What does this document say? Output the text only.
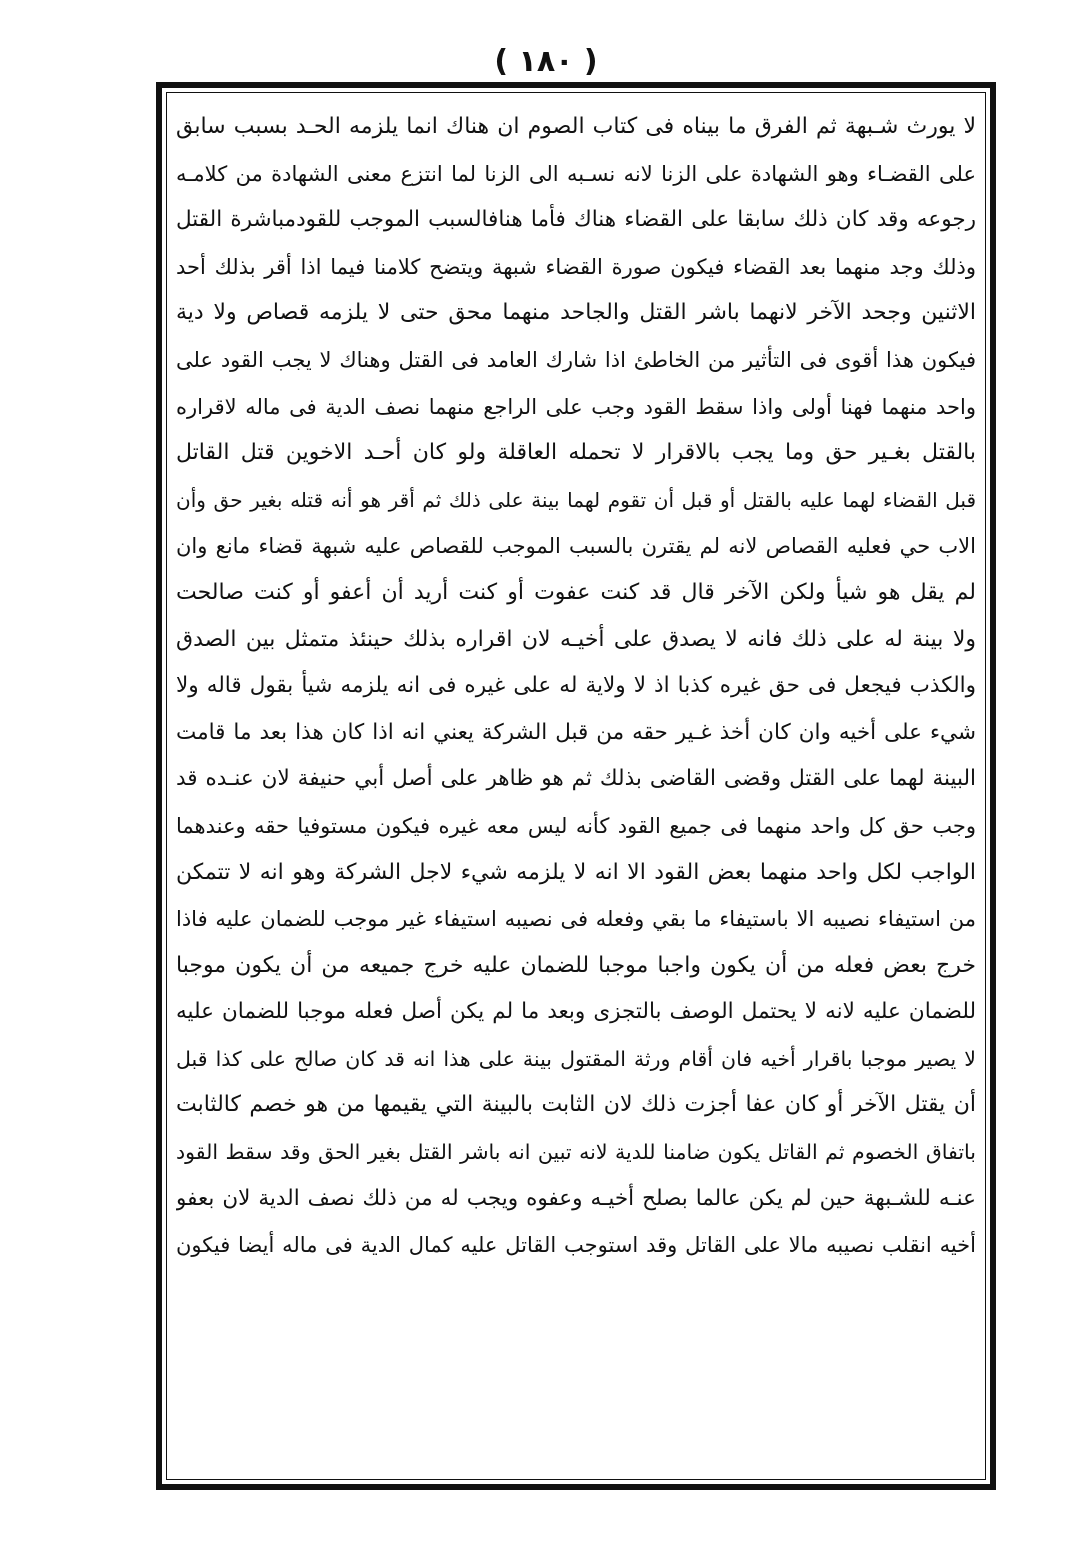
( ١٨٠ )
لا يورث شـبهة ثم الفرق ما بيناه فى كتاب الصوم ان هناك انما يلزمه الحـد بسبب سابق
على القضـاء وهو الشهادة على الزنا لانه نسـبه الى الزنا لما انتزع معنى الشهادة من كلامـه
رجوعه وقد كان ذلك سابقا على القضاء هناك فأما هنافالسبب الموجب للقودمباشرة القتل
وذلك وجد منهما بعد القضاء فيكون صورة القضاء شبهة ويتضح كلامنا فيما اذا أقر بذلك أحد
الاثنين وجحد الآخر لانهما باشر القتل والجاحد منهما محق حتى لا يلزمه قصاص ولا دية
فيكون هذا أقوى فى التأثير من الخاطئ اذا شارك العامد فى القتل وهناك لا يجب القود على
واحد منهما فهنا أولى واذا سقط القود وجب على الراجع منهما نصف الدية فى ماله لاقراره
بالقتل بغـير حق وما يجب بالاقرار لا تحمله العاقلة ولو كان أحـد الاخوين قتل القاتل
قبل القضاء لهما عليه بالقتل أو قبل أن تقوم لهما بينة على ذلك ثم أقر هو أنه قتله بغير حق وأن
الاب حي فعليه القصاص لانه لم يقترن بالسبب الموجب للقصاص عليه شبهة قضاء مانع وان
لم يقل هو شيأ ولكن الآخر قال قد كنت عفوت أو كنت أريد أن أعفو أو كنت صالحت
ولا بينة له على ذلك فانه لا يصدق على أخيـه لان اقراره بذلك حينئذ متمثل بين الصدق
والكذب فيجعل فى حق غيره كذبا اذ لا ولاية له على غيره فى انه يلزمه شيأ بقول قاله ولا
شيء على أخيه وان كان أخذ غـير حقه من قبل الشركة يعني انه اذا كان هذا بعد ما قامت
البينة لهما على القتل وقضى القاضى بذلك ثم هو ظاهر على أصل أبي حنيفة لان عنـده قد
وجب حق كل واحد منهما فى جميع القود كأنه ليس معه غيره فيكون مستوفيا حقه وعندهما
الواجب لكل واحد منهما بعض القود الا انه لا يلزمه شيء لاجل الشركة وهو انه لا تتمكن
من استيفاء نصيبه الا باستيفاء ما بقي وفعله فى نصيبه استيفاء غير موجب للضمان عليه فاذا
خرج بعض فعله من أن يكون واجبا موجبا للضمان عليه خرج جميعه من أن يكون موجبا
للضمان عليه لانه لا يحتمل الوصف بالتجزى وبعد ما لم يكن أصل فعله موجبا للضمان عليه
لا يصير موجبا باقرار أخيه فان أقام ورثة المقتول بينة على هذا انه قد كان صالح على كذا قبل
أن يقتل الآخر أو كان عفا أجزت ذلك لان الثابت بالبينة التي يقيمها من هو خصم كالثابت
باتفاق الخصوم ثم القاتل يكون ضامنا للدية لانه تبين انه باشر القتل بغير الحق وقد سقط القود
عنـه للشـبهة حين لم يكن عالما بصلح أخيـه وعفوه ويجب له من ذلك نصف الدية لان بعفو
أخيه انقلب نصيبه مالا على القاتل وقد استوجب القاتل عليه كمال الدية فى ماله أيضا فيكون
